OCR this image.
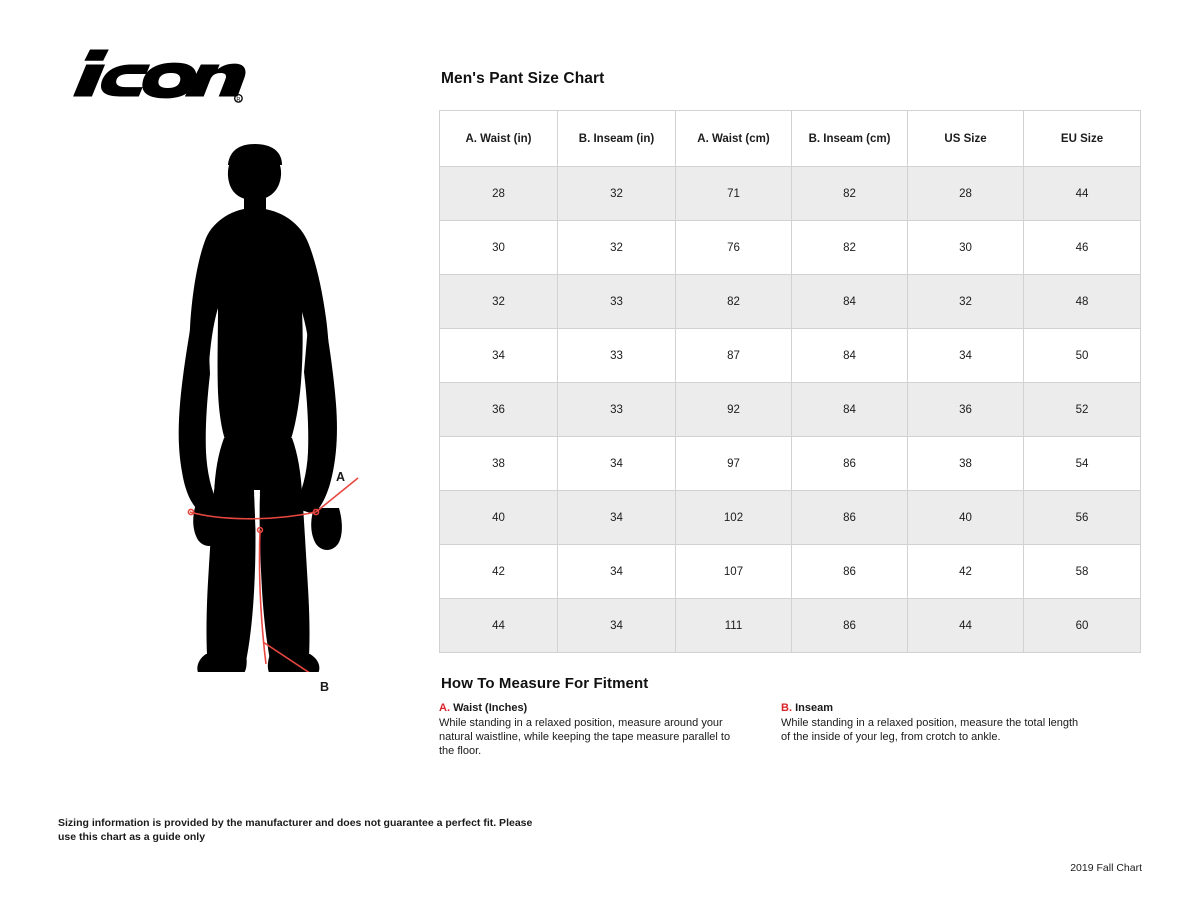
R
A
B
Men's Pant Size Chart
A. Waist (in)	B. Inseam (in)	A. Waist (cm)	B. Inseam (cm)	US Size	EU Size
28	32	71	82	28	44
30	32	76	82	30	46
32	33	82	84	32	48
34	33	87	84	34	50
36	33	92	84	36	52
38	34	97	86	38	54
40	34	102	86	40	56
42	34	107	86	42	58
44	34	111	86	44	60
How To Measure For Fitment
A. Waist (Inches)
While standing in a relaxed position, measure around your natural waistline, while keeping the tape measure parallel to the floor.
B. Inseam
While standing in a relaxed position, measure the total length of the inside of your leg, from crotch to ankle.
Sizing information is provided by the manufacturer and does not guarantee a perfect fit. Please use this chart as a guide only
2019 Fall Chart
